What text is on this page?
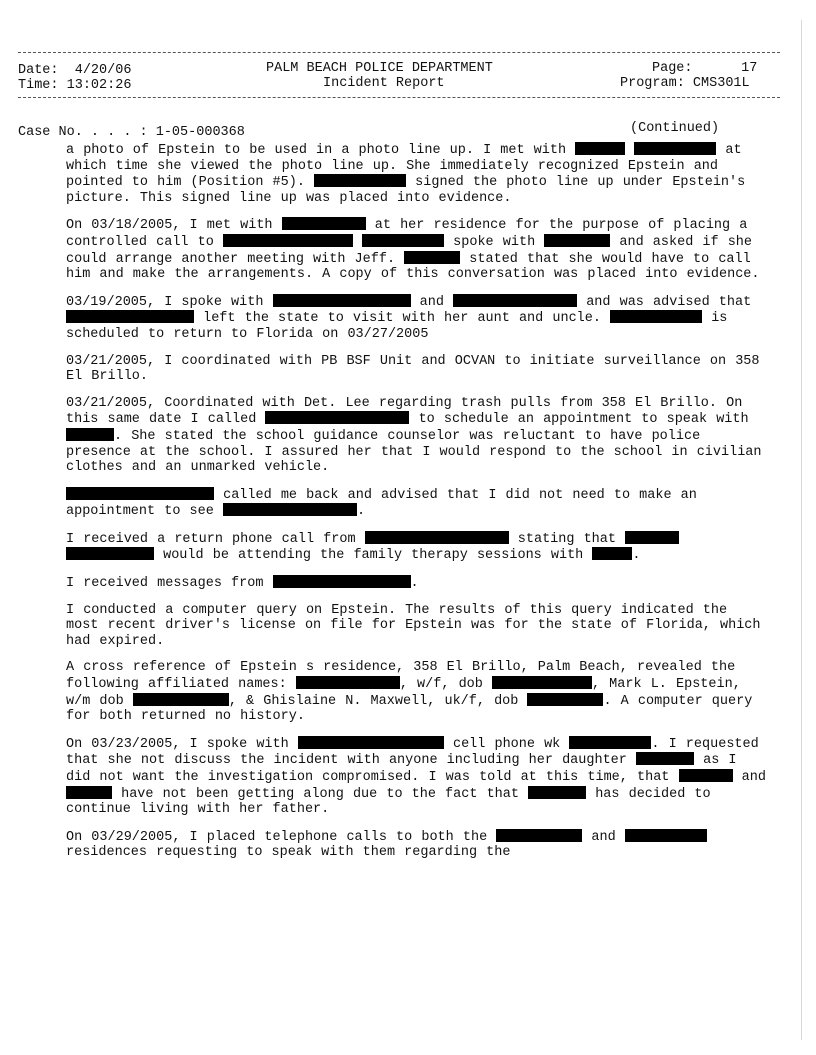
Date: 4/20/06
Time: 13:02:26
PALM BEACH POLICE DEPARTMENT
Incident Report
Page:	17
Program: CMS301L
Case No. . . . : 1-05-000368	(Continued)

a photo of Epstein to be used in a photo line up. I met with	at which time she viewed the photo line up. She immediately recognized Epstein and pointed to him (Position #5).	signed the photo line up under Epstein's picture. This signed line up was placed into evidence.

On 03/18/2005, I met with	at her residence for the purpose of placing a controlled call to	spoke with	and asked if she could arrange another meeting with Jeff.	stated that she would have to call him and make the arrangements. A copy of this conversation was placed into evidence.

03/19/2005, I spoke with	and	and was advised that  left the state to visit with her aunt and uncle.	is scheduled to return to Florida on 03/27/2005

03/21/2005, I coordinated with PB BSF Unit and OCVAN to initiate surveillance on 358 El Brillo.

03/21/2005, Coordinated with Det. Lee regarding trash pulls from 358 El Brillo. On this same date I called	to schedule an appointment to speak with . She stated the school guidance counselor was reluctant to have police presence at the school. I assured her that I would respond to the school in civilian clothes and an unmarked vehicle.

called me back and advised that I did not need to make an appointment to see	.

I received a return phone call from	stating that   would be attending the family therapy sessions with	.

I received messages from	.

I conducted a computer query on Epstein. The results of this query indicated the most recent driver's license on file for Epstein was for the state of Florida, which had expired.

A cross reference of Epstein s residence, 358 El Brillo, Palm Beach, revealed the following affiliated names:	, w/f, dob	, Mark L. Epstein, w/m dob	, & Ghislaine N. Maxwell, uk/f, dob	. A computer query for both returned no history.

On 03/23/2005, I spoke with	cell phone wk	. I requested that she not discuss the incident with anyone including her daughter	as I did not want the investigation compromised. I was told at this time, that	and  have not been getting along due to the fact that	has decided to continue living with her father.

On 03/29/2005, I placed telephone calls to both the	and  residences requesting to speak with them regarding the
